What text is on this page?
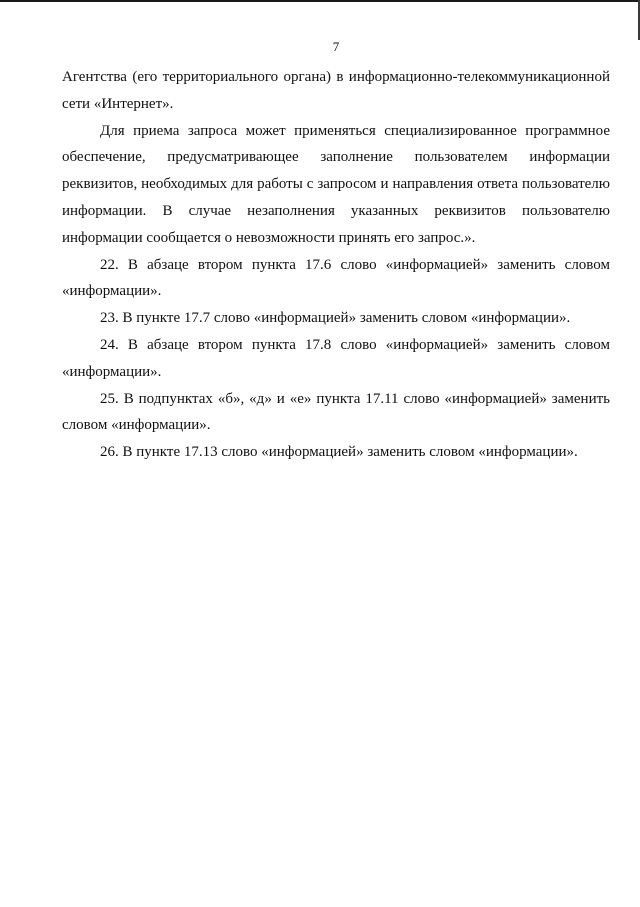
7

Агентства (его территориального органа) в информационно-телекоммуникационной сети «Интернет».

Для приема запроса может применяться специализированное программное обеспечение, предусматривающее заполнение пользователем информации реквизитов, необходимых для работы с запросом и направления ответа пользователю информации. В случае незаполнения указанных реквизитов пользователю информации сообщается о невозможности принять его запрос.».

22. В абзаце втором пункта 17.6 слово «информацией» заменить словом «информации».

23. В пункте 17.7 слово «информацией» заменить словом «информации».

24. В абзаце втором пункта 17.8 слово «информацией» заменить словом «информации».

25. В подпунктах «б», «д» и «е» пункта 17.11 слово «информацией» заменить словом «информации».

26. В пункте 17.13 слово «информацией» заменить словом «информации».
